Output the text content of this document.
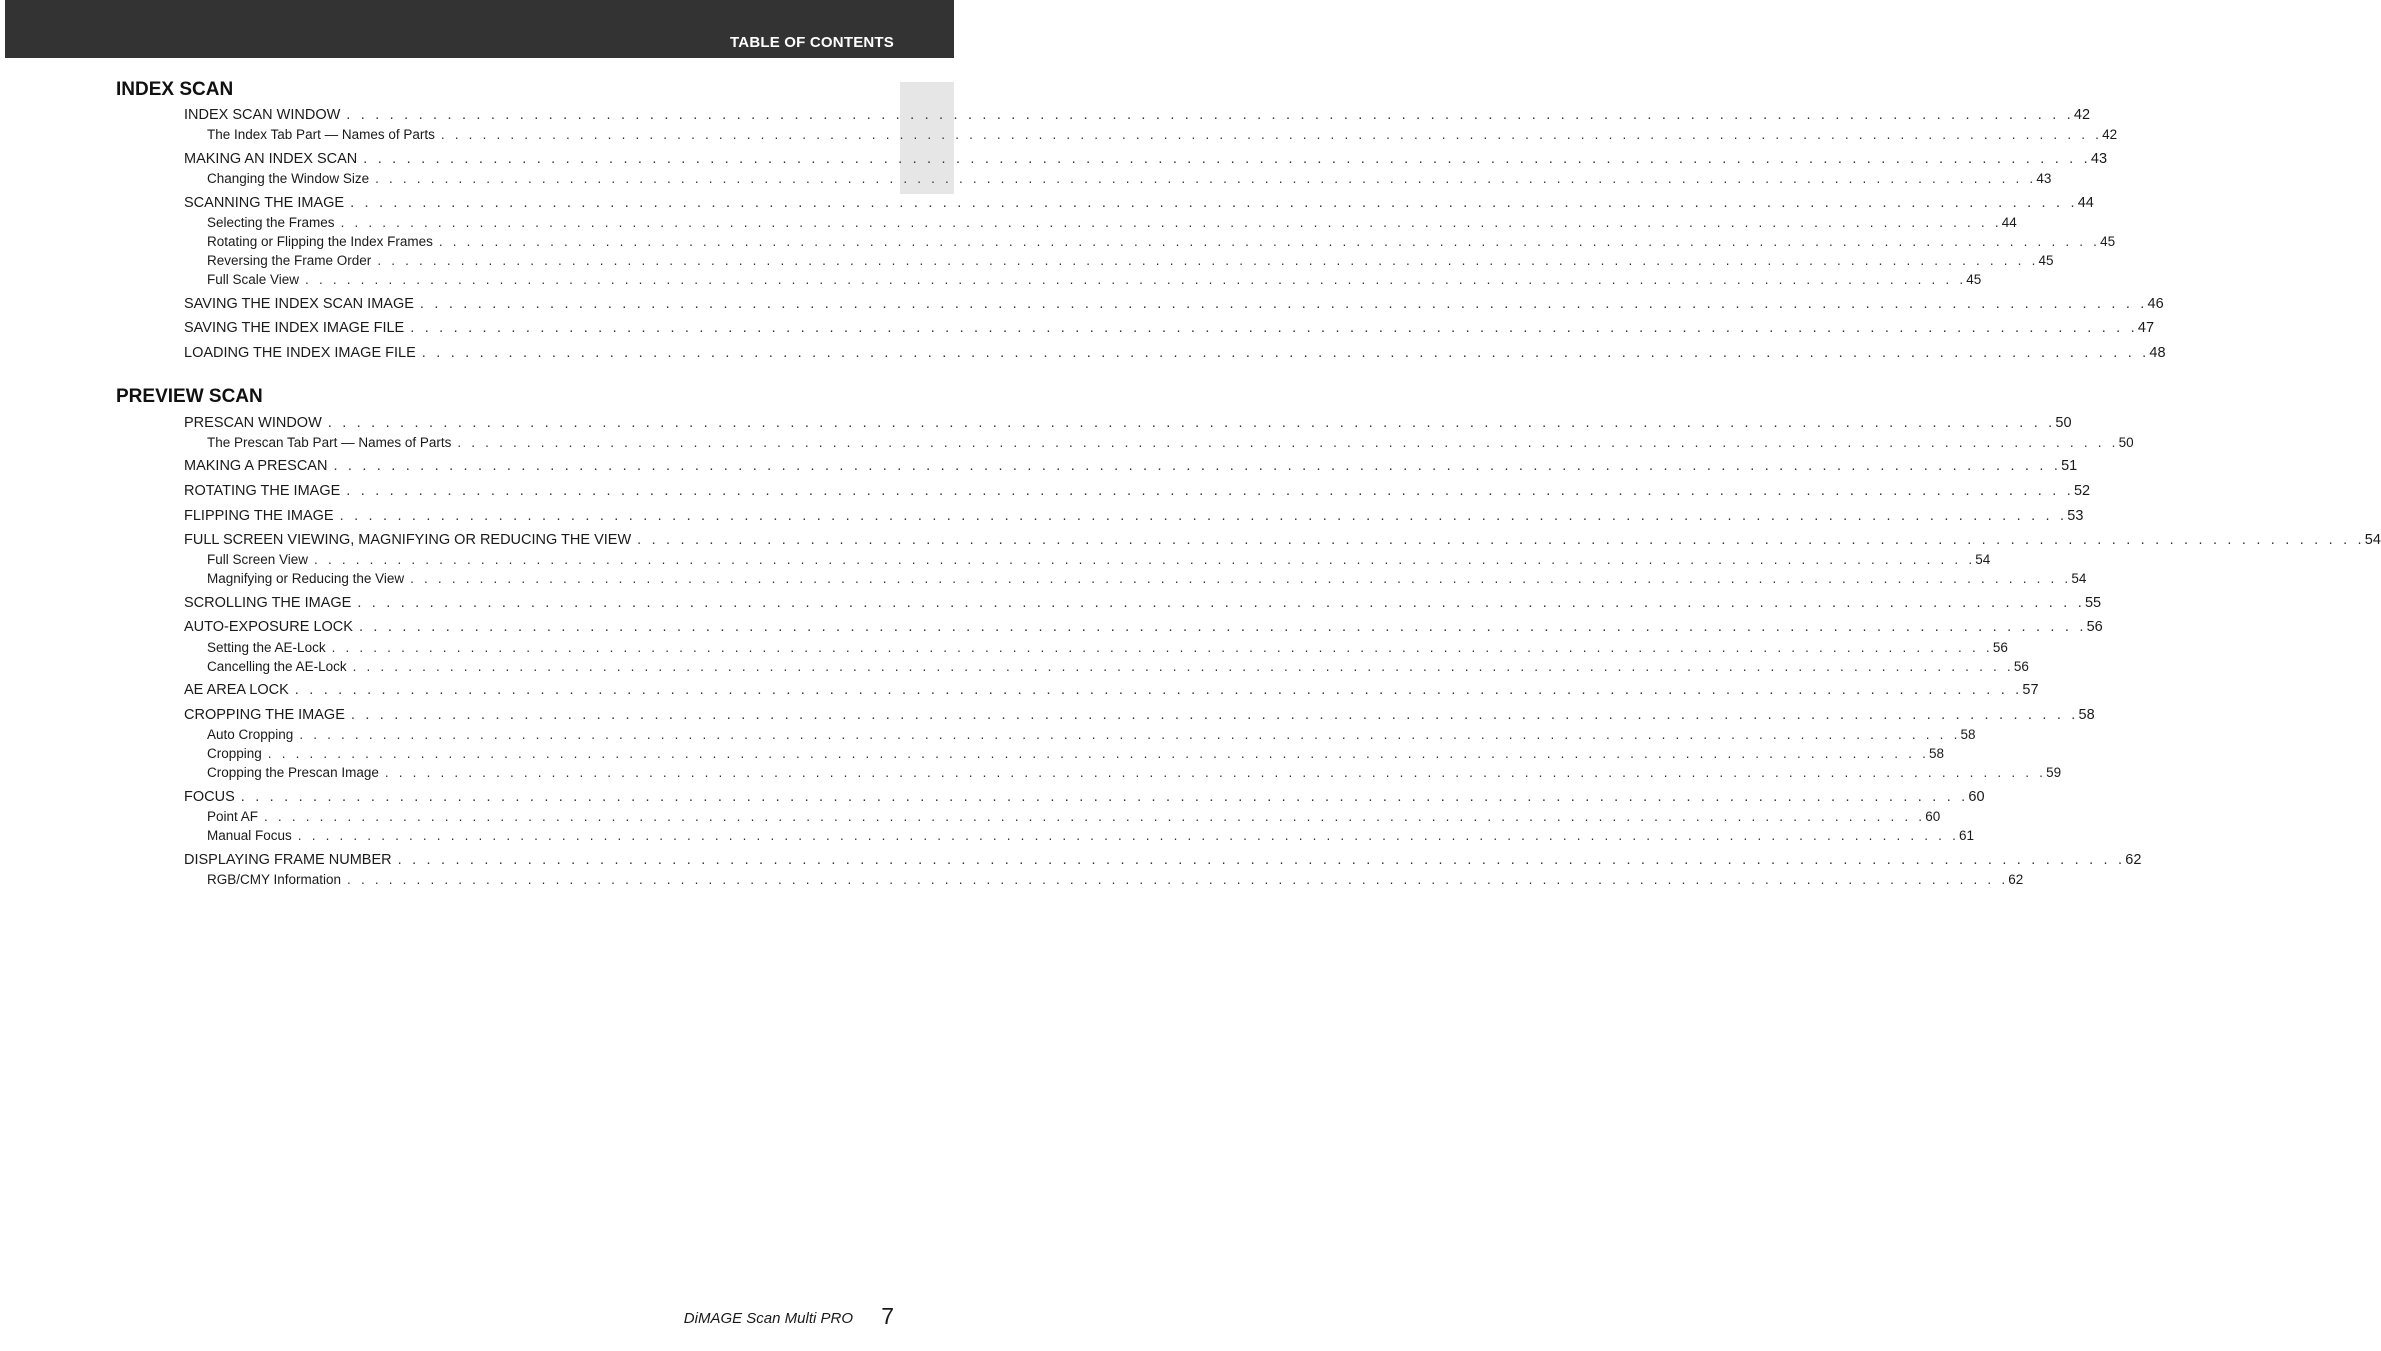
TABLE OF CONTENTS
INDEX SCAN
INDEX SCAN WINDOW . . . . . . . . . . . . . . . . . . . . . . . . . . . . . . . . . . . . . . . . . . . . . . . . . . . . . . . . . . . . . . . . . . . . . . . . . . . . . . . . . . . . . . . . . . . . . . . . . . . . . . . . . . . . . . . . . . . . . . . . 42
The Index Tab Part — Names of Parts . . . . . . . . . . . . . . . . . . . . . . . . . . . . . . . . . . . . . . . . . . . . . . . . . . . . . . . . . . . . . . . . . . . . . . . . . . . . . . . . . . . . . . . . . . . . . . . . . . . . . . . . . . . . . . . . . . . . . . . . 42
MAKING AN INDEX SCAN . . . . . . . . . . . . . . . . . . . . . . . . . . . . . . . . . . . . . . . . . . . . . . . . . . . . . . . . . . . . . . . . . . . . . . . . . . . . . . . . . . . . . . . . . . . . . . . . . . . . . . . . . . . . . . . . . . . . . . . . 43
Changing the Window Size . . . . . . . . . . . . . . . . . . . . . . . . . . . . . . . . . . . . . . . . . . . . . . . . . . . . . . . . . . . . . . . . . . . . . . . . . . . . . . . . . . . . . . . . . . . . . . . . . . . . . . . . . . . . . . . . . . . . . . . . 43
SCANNING THE IMAGE . . . . . . . . . . . . . . . . . . . . . . . . . . . . . . . . . . . . . . . . . . . . . . . . . . . . . . . . . . . . . . . . . . . . . . . . . . . . . . . . . . . . . . . . . . . . . . . . . . . . . . . . . . . . . . . . . . . . . . . . 44
Selecting the Frames . . . . . . . . . . . . . . . . . . . . . . . . . . . . . . . . . . . . . . . . . . . . . . . . . . . . . . . . . . . . . . . . . . . . . . . . . . . . . . . . . . . . . . . . . . . . . . . . . . . . . . . . . . . . . . . . . . . . . . . . 44
Rotating or Flipping the Index Frames . . . . . . . . . . . . . . . . . . . . . . . . . . . . . . . . . . . . . . . . . . . . . . . . . . . . . . . . . . . . . . . . . . . . . . . . . . . . . . . . . . . . . . . . . . . . . . . . . . . . . . . . . . . . . . . . . . . . . . . . 45
Reversing the Frame Order . . . . . . . . . . . . . . . . . . . . . . . . . . . . . . . . . . . . . . . . . . . . . . . . . . . . . . . . . . . . . . . . . . . . . . . . . . . . . . . . . . . . . . . . . . . . . . . . . . . . . . . . . . . . . . . . . . . . . . . . 45
Full Scale View . . . . . . . . . . . . . . . . . . . . . . . . . . . . . . . . . . . . . . . . . . . . . . . . . . . . . . . . . . . . . . . . . . . . . . . . . . . . . . . . . . . . . . . . . . . . . . . . . . . . . . . . . . . . . . . . . . . . . . . . 45
SAVING THE INDEX SCAN IMAGE . . . . . . . . . . . . . . . . . . . . . . . . . . . . . . . . . . . . . . . . . . . . . . . . . . . . . . . . . . . . . . . . . . . . . . . . . . . . . . . . . . . . . . . . . . . . . . . . . . . . . . . . . . . . . . . . . . . . . . . . 46
SAVING THE INDEX IMAGE FILE . . . . . . . . . . . . . . . . . . . . . . . . . . . . . . . . . . . . . . . . . . . . . . . . . . . . . . . . . . . . . . . . . . . . . . . . . . . . . . . . . . . . . . . . . . . . . . . . . . . . . . . . . . . . . . . . . . . . . . . . 47
LOADING THE INDEX IMAGE FILE . . . . . . . . . . . . . . . . . . . . . . . . . . . . . . . . . . . . . . . . . . . . . . . . . . . . . . . . . . . . . . . . . . . . . . . . . . . . . . . . . . . . . . . . . . . . . . . . . . . . . . . . . . . . . . . . . . . . . . . . 48
PREVIEW SCAN
PRESCAN WINDOW . . . . . . . . . . . . . . . . . . . . . . . . . . . . . . . . . . . . . . . . . . . . . . . . . . . . . . . . . . . . . . . . . . . . . . . . . . . . . . . . . . . . . . . . . . . . . . . . . . . . . . . . . . . . . . . . . . . . . . . . 50
The Prescan Tab Part — Names of Parts . . . . . . . . . . . . . . . . . . . . . . . . . . . . . . . . . . . . . . . . . . . . . . . . . . . . . . . . . . . . . . . . . . . . . . . . . . . . . . . . . . . . . . . . . . . . . . . . . . . . . . . . . . . . . . . . . . . . . . . . 50
MAKING A PRESCAN . . . . . . . . . . . . . . . . . . . . . . . . . . . . . . . . . . . . . . . . . . . . . . . . . . . . . . . . . . . . . . . . . . . . . . . . . . . . . . . . . . . . . . . . . . . . . . . . . . . . . . . . . . . . . . . . . . . . . . . . 51
ROTATING THE IMAGE . . . . . . . . . . . . . . . . . . . . . . . . . . . . . . . . . . . . . . . . . . . . . . . . . . . . . . . . . . . . . . . . . . . . . . . . . . . . . . . . . . . . . . . . . . . . . . . . . . . . . . . . . . . . . . . . . . . . . . . . 52
FLIPPING THE IMAGE . . . . . . . . . . . . . . . . . . . . . . . . . . . . . . . . . . . . . . . . . . . . . . . . . . . . . . . . . . . . . . . . . . . . . . . . . . . . . . . . . . . . . . . . . . . . . . . . . . . . . . . . . . . . . . . . . . . . . . . . 53
FULL SCREEN VIEWING, MAGNIFYING OR REDUCING THE VIEW . . . . . . . . . . . . . . . . . . . . . . . . . . . . . . . . . . . . . . . . . . . . . . . . . . . . . . . . . . . . . . . . . . . . . . . . . . . . . . . . . . . . . . . . . . . . . . . . . . . . . . . . . . . . . . . . . . . . . . . . 54
Full Screen View . . . . . . . . . . . . . . . . . . . . . . . . . . . . . . . . . . . . . . . . . . . . . . . . . . . . . . . . . . . . . . . . . . . . . . . . . . . . . . . . . . . . . . . . . . . . . . . . . . . . . . . . . . . . . . . . . . . . . . . . 54
Magnifying or Reducing the View . . . . . . . . . . . . . . . . . . . . . . . . . . . . . . . . . . . . . . . . . . . . . . . . . . . . . . . . . . . . . . . . . . . . . . . . . . . . . . . . . . . . . . . . . . . . . . . . . . . . . . . . . . . . . . . . . . . . . . . . 54
SCROLLING THE IMAGE . . . . . . . . . . . . . . . . . . . . . . . . . . . . . . . . . . . . . . . . . . . . . . . . . . . . . . . . . . . . . . . . . . . . . . . . . . . . . . . . . . . . . . . . . . . . . . . . . . . . . . . . . . . . . . . . . . . . . . . . 55
AUTO-EXPOSURE LOCK . . . . . . . . . . . . . . . . . . . . . . . . . . . . . . . . . . . . . . . . . . . . . . . . . . . . . . . . . . . . . . . . . . . . . . . . . . . . . . . . . . . . . . . . . . . . . . . . . . . . . . . . . . . . . . . . . . . . . . . . 56
Setting the AE-Lock . . . . . . . . . . . . . . . . . . . . . . . . . . . . . . . . . . . . . . . . . . . . . . . . . . . . . . . . . . . . . . . . . . . . . . . . . . . . . . . . . . . . . . . . . . . . . . . . . . . . . . . . . . . . . . . . . . . . . . . . 56
Cancelling the AE-Lock . . . . . . . . . . . . . . . . . . . . . . . . . . . . . . . . . . . . . . . . . . . . . . . . . . . . . . . . . . . . . . . . . . . . . . . . . . . . . . . . . . . . . . . . . . . . . . . . . . . . . . . . . . . . . . . . . . . . . . . . 56
AE AREA LOCK . . . . . . . . . . . . . . . . . . . . . . . . . . . . . . . . . . . . . . . . . . . . . . . . . . . . . . . . . . . . . . . . . . . . . . . . . . . . . . . . . . . . . . . . . . . . . . . . . . . . . . . . . . . . . . . . . . . . . . . . 57
CROPPING THE IMAGE . . . . . . . . . . . . . . . . . . . . . . . . . . . . . . . . . . . . . . . . . . . . . . . . . . . . . . . . . . . . . . . . . . . . . . . . . . . . . . . . . . . . . . . . . . . . . . . . . . . . . . . . . . . . . . . . . . . . . . . . 58
Auto Cropping . . . . . . . . . . . . . . . . . . . . . . . . . . . . . . . . . . . . . . . . . . . . . . . . . . . . . . . . . . . . . . . . . . . . . . . . . . . . . . . . . . . . . . . . . . . . . . . . . . . . . . . . . . . . . . . . . . . . . . . . 58
Cropping . . . . . . . . . . . . . . . . . . . . . . . . . . . . . . . . . . . . . . . . . . . . . . . . . . . . . . . . . . . . . . . . . . . . . . . . . . . . . . . . . . . . . . . . . . . . . . . . . . . . . . . . . . . . . . . . . . . . . . . . 58
Cropping the Prescan Image . . . . . . . . . . . . . . . . . . . . . . . . . . . . . . . . . . . . . . . . . . . . . . . . . . . . . . . . . . . . . . . . . . . . . . . . . . . . . . . . . . . . . . . . . . . . . . . . . . . . . . . . . . . . . . . . . . . . . . . . 59
FOCUS . . . . . . . . . . . . . . . . . . . . . . . . . . . . . . . . . . . . . . . . . . . . . . . . . . . . . . . . . . . . . . . . . . . . . . . . . . . . . . . . . . . . . . . . . . . . . . . . . . . . . . . . . . . . . . . . . . . . . . . . 60
Point AF . . . . . . . . . . . . . . . . . . . . . . . . . . . . . . . . . . . . . . . . . . . . . . . . . . . . . . . . . . . . . . . . . . . . . . . . . . . . . . . . . . . . . . . . . . . . . . . . . . . . . . . . . . . . . . . . . . . . . . . . 60
Manual Focus . . . . . . . . . . . . . . . . . . . . . . . . . . . . . . . . . . . . . . . . . . . . . . . . . . . . . . . . . . . . . . . . . . . . . . . . . . . . . . . . . . . . . . . . . . . . . . . . . . . . . . . . . . . . . . . . . . . . . . . . 61
DISPLAYING FRAME NUMBER . . . . . . . . . . . . . . . . . . . . . . . . . . . . . . . . . . . . . . . . . . . . . . . . . . . . . . . . . . . . . . . . . . . . . . . . . . . . . . . . . . . . . . . . . . . . . . . . . . . . . . . . . . . . . . . . . . . . . . . . 62
RGB/CMY Information . . . . . . . . . . . . . . . . . . . . . . . . . . . . . . . . . . . . . . . . . . . . . . . . . . . . . . . . . . . . . . . . . . . . . . . . . . . . . . . . . . . . . . . . . . . . . . . . . . . . . . . . . . . . . . . . . . . . . . . . 62
DiMAGE Scan Multi PRO 7
